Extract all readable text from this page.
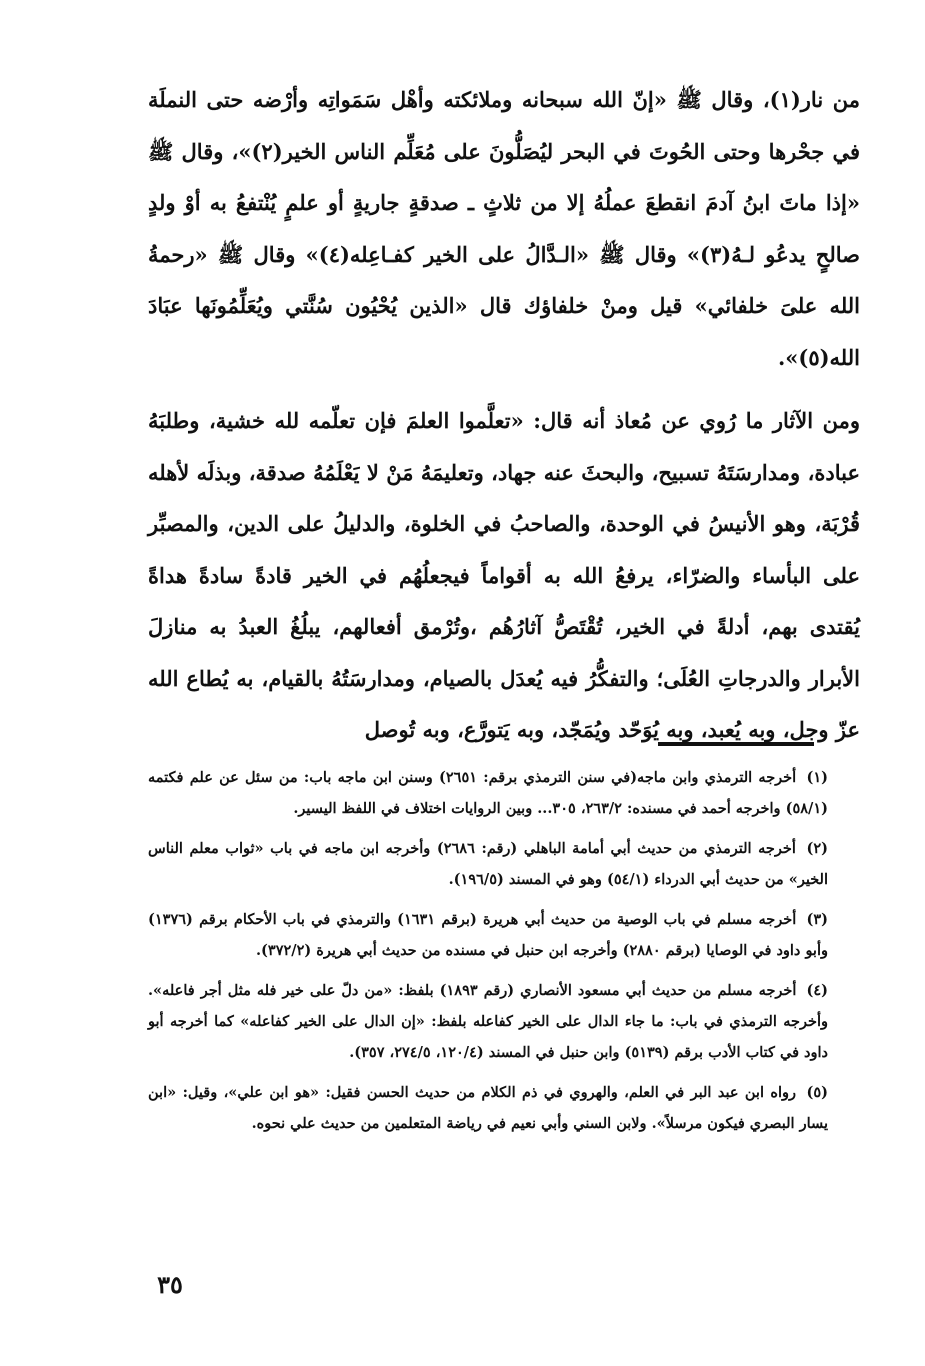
من نار(١)، وقال ﷺ «إنّ الله سبحانه وملائكته وأهْل سَمَواتِه وأرْضه حتى النملَة في جحْرها وحتى الحُوتَ في البحر ليُصَلُّونَ على مُعَلِّم الناس الخير(٢)»، وقال ﷺ «إذا ماتَ ابنُ آدمَ انقطعَ عملُهُ إلا من ثلاثٍ ـ صدقةٍ جاريةٍ أو علمٍ يُنْتفعُ به أوْ ولدٍ صالحٍ يدعُو لـهُ(٣)» وقال ﷺ «الـدَّالُ على الخير كفـاعِله(٤)» وقال ﷺ «رحمةُ الله علىَ خلفائي» قيل ومنْ خلفاؤك قال «الذين يُحْيُون سُنَّتي ويُعَلِّمُونَها عبَادَ الله(٥)».

ومن الآثار ما رُوي عن مُعاذ أنه قال: «تعلَّموا العلمَ فإن تعلّمه لله خشية، وطلبَهُ عبادة، ومدارسَتَهُ تسبيح، والبحثَ عنه جهاد، وتعليمَهُ مَنْ لا يَعْلَمُهُ صدقة، وبذلَه لأهله قُرْبَة، وهو الأنيسُ في الوحدة، والصاحبُ في الخلوة، والدليلُ على الدين، والمصبِّر على البأساء والضرّاء، يرفعُ الله به أقواماً فيجعلُهُم في الخير قادةً سادةً هداةً يُقتدى بهم، أدلةً في الخير، تُقْتَصُّ آثارُهُم ،وتُرْمق أفعالهم، يبلُغُ العبدُ به منازلَ الأبرار والدرجاتِ العُلَى؛ والتفكُّرُ فيه يُعدَل بالصيام، ومدارسَتُهُ بالقيام، به يُطاع الله عزّ وجل، وبه يُعبد، وبه يُوَحّد ويُمَجّد، وبه يَتورَّع، وبه تُوصل

(١) أخرجه الترمذي وابن ماجه(في سنن الترمذي برقم: ٢٦٥١) وسنن ابن ماجه باب: من سئل عن علم فكتمه (٥٨/١) واخرجه أحمد في مسنده: ٢٦٣/٢، ٣٠٥... وبين الروايات اختلاف في اللفظ اليسير.

(٢) أخرجه الترمذي من حديث أبي أمامة الباهلي (رقم: ٢٦٨٦) وأخرجه ابن ماجه في باب «ثواب معلم الناس الخير» من حديث أبي الدرداء (٥٤/١) وهو في المسند (١٩٦/٥).

(٣) أخرجه مسلم في باب الوصية من حديث أبي هريرة (برقم ١٦٣١) والترمذي في باب الأحكام برقم (١٣٧٦) وأبو داود في الوصايا (برقم ٢٨٨٠) وأخرجه ابن حنبل في مسنده من حديث أبي هريرة (٣٧٢/٢).

(٤) أخرجه مسلم من حديث أبي مسعود الأنصاري (رقم ١٨٩٣) بلفظ: «من دلّ على خير فله مثل أجر فاعله». وأخرجه الترمذي في باب: ما جاء الدال على الخير كفاعله بلفظ: «إن الدال على الخير كفاعله» كما أخرجه أبو داود في كتاب الأدب برقم (٥١٣٩) وابن حنبل في المسند (١٢٠/٤، ٢٧٤/٥، ٣٥٧).

(٥) رواه ابن عبد البر في العلم، والهروي في ذم الكلام من حديث الحسن فقيل: «هو ابن علي»، وقيل: «ابن يسار البصري فيكون مرسلاً». ولابن السني وأبي نعيم في رياضة المتعلمين من حديث علي نحوه.

٣٥
